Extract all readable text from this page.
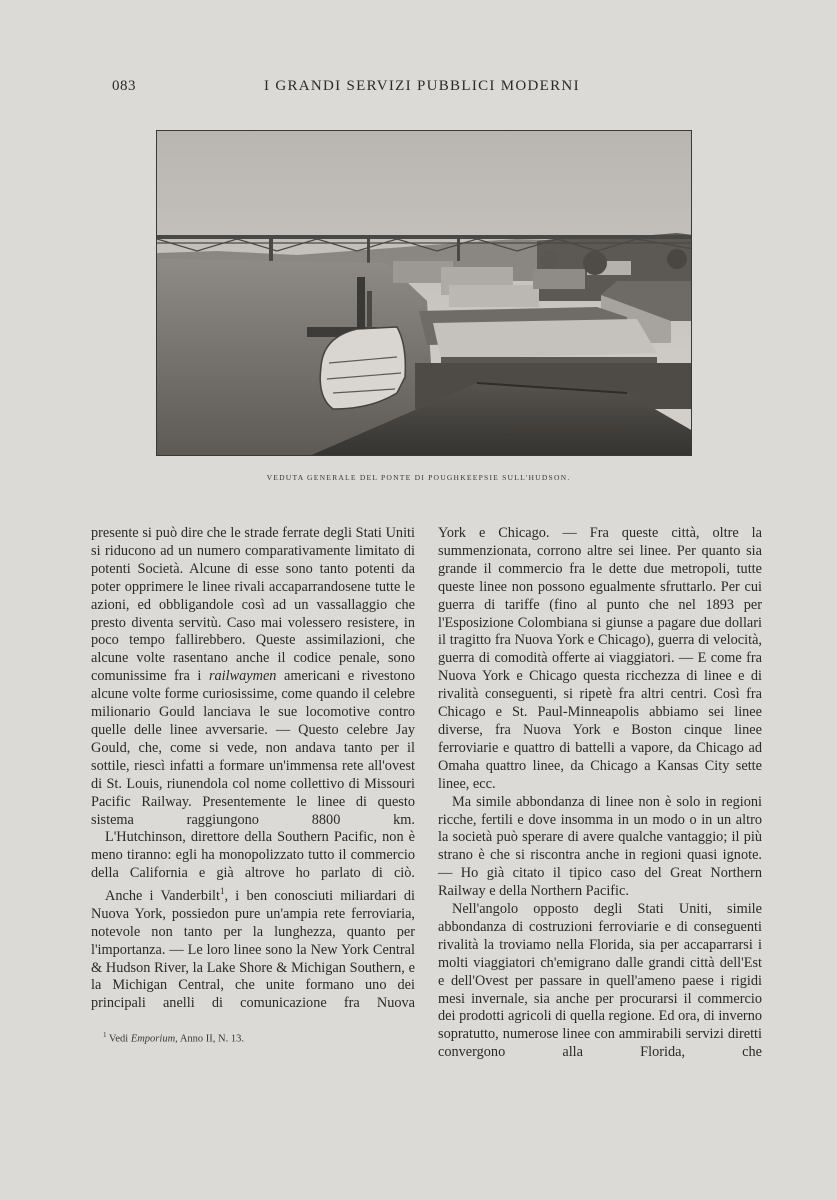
083	I GRANDI SERVIZI PUBBLICI MODERNI
VEDUTA GENERALE DEL PONTE DI POUGHKEEPSIE SULL'HUDSON.

presente si può dire che le strade ferrate degli Stati Uniti si riducono ad un numero comparativamente limitato di potenti Società. Alcune di esse sono tanto potenti da poter opprimere le linee rivali accaparrandosene tutte le azioni, ed obbligandole così ad un vassallaggio che presto diventa servitù. Caso mai volessero resistere, in poco tempo fallirebbero. Queste assimilazioni, che alcune volte rasentano anche il codice penale, sono comunissime fra i railwaymen americani e rivestono alcune volte forme curiosissime, come quando il celebre milionario Gould lanciava le sue locomotive contro quelle delle linee avversarie. — Questo celebre Jay Gould, che, come si vede, non andava tanto per il sottile, riescì infatti a formare un'immensa rete all'ovest di St. Louis, riunendola col nome collettivo di Missouri Pacific Railway. Presentemente le linee di questo sistema raggiungono 8800 km.

L'Hutchinson, direttore della Southern Pacific, non è meno tiranno: egli ha monopolizzato tutto il commercio della California e già altrove ho parlato di ciò.

Anche i Vanderbilt$^1$, i ben conosciuti miliardari di Nuova York, possiedon pure un'ampia rete ferroviaria, notevole non tanto per la lunghezza, quanto per l'importanza. — Le loro linee sono la New York Central & Hudson River, la Lake Shore & Michigan Southern, e la Michigan Central, che unite formano uno dei principali anelli di comunicazione fra Nuova

York e Chicago. — Fra queste città, oltre la summenzionata, corrono altre sei linee. Per quanto sia grande il commercio fra le dette due metropoli, tutte queste linee non possono egualmente sfruttarlo. Per cui guerra di tariffe (fino al punto che nel 1893 per l'Esposizione Colombiana si giunse a pagare due dollari il tragitto fra Nuova York e Chicago), guerra di velocità, guerra di comodità offerte ai viaggiatori. — E come fra Nuova York e Chicago questa ricchezza di linee e di rivalità conseguenti, si ripetè fra altri centri. Così fra Chicago e St. Paul-Minneapolis abbiamo sei linee diverse, fra Nuova York e Boston cinque linee ferroviarie e quattro di battelli a vapore, da Chicago ad Omaha quattro linee, da Chicago a Kansas City sette linee, ecc.

Ma simile abbondanza di linee non è solo in regioni ricche, fertili e dove insomma in un modo o in un altro la società può sperare di avere qualche vantaggio; il più strano è che si riscontra anche in regioni quasi ignote. — Ho già citato il tipico caso del Great Northern Railway e della Northern Pacific.

Nell'angolo opposto degli Stati Uniti, simile abbondanza di costruzioni ferroviarie e di conseguenti rivalità la troviamo nella Florida, sia per accaparrarsi i molti viaggiatori ch'emigrano dalle grandi città dell'Est e dell'Ovest per passare in quell'ameno paese i rigidi mesi invernale, sia anche per procurarsi il commercio dei prodotti agricoli di quella regione. Ed ora, di inverno sopratutto, numerose linee con ammirabili servizi diretti convergono alla Florida, che

$^1$ Vedi Emporium, Anno II, N. 13.
